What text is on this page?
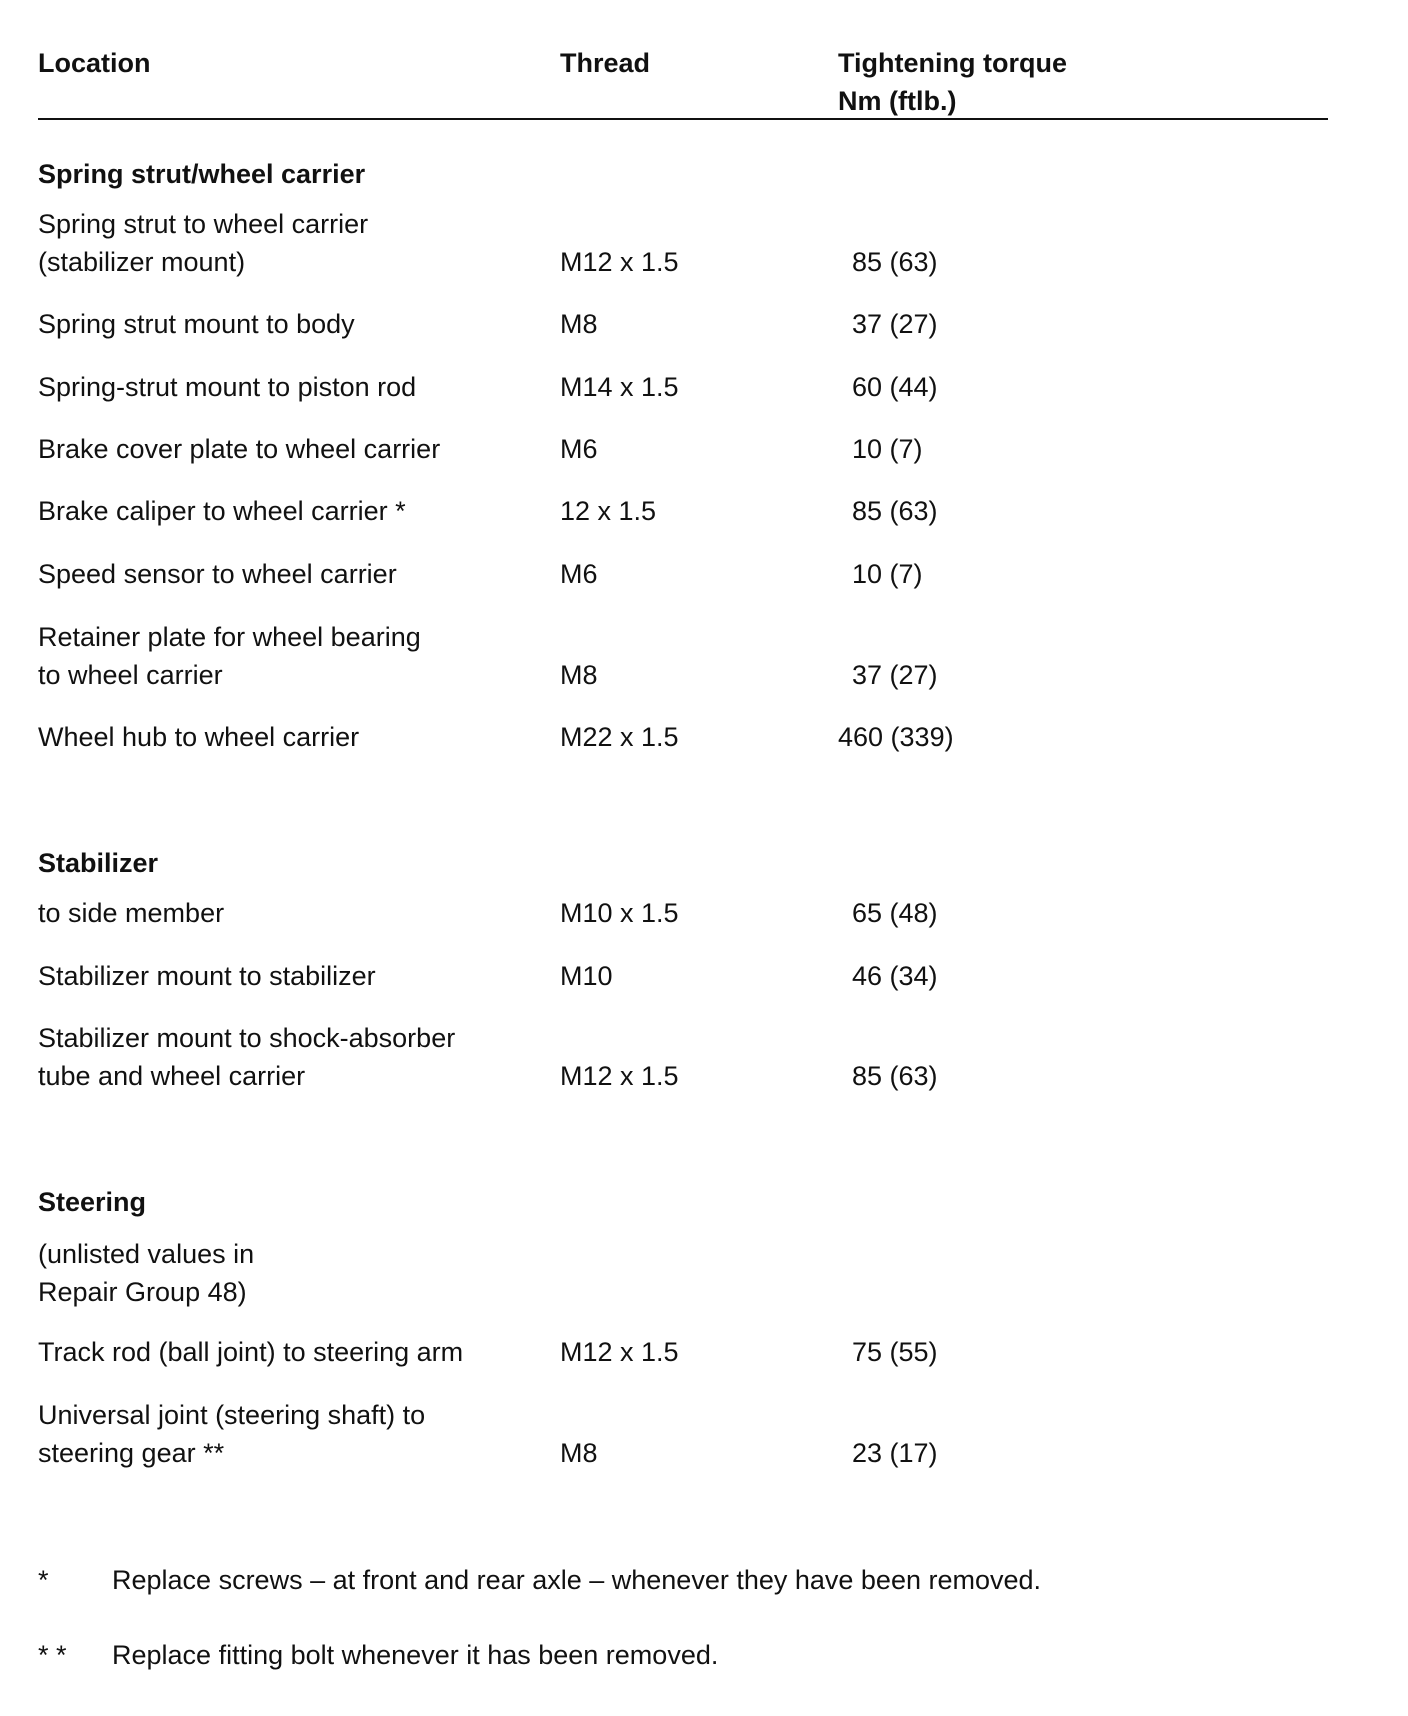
Location	Thread	Tightening torque
Nm (ftlb.)
Spring strut/wheel carrier
Spring strut to wheel carrier
(stabilizer mount)	M12 x 1.5	85 (63)
Spring strut mount to body	M8	37 (27)
Spring-strut mount to piston rod	M14 x 1.5	60 (44)
Brake cover plate to wheel carrier	M6	10 (7)
Brake caliper to wheel carrier *	12 x 1.5	85 (63)
Speed sensor to wheel carrier	M6	10 (7)
Retainer plate for wheel bearing
to wheel carrier	M8	37 (27)
Wheel hub to wheel carrier	M22 x 1.5	460 (339)
Stabilizer
to side member	M10 x 1.5	65 (48)
Stabilizer mount to stabilizer	M10	46 (34)
Stabilizer mount to shock-absorber
tube and wheel carrier	M12 x 1.5	85 (63)
Steering
(unlisted values in
Repair Group 48)
Track rod (ball joint) to steering arm	M12 x 1.5	75 (55)
Universal joint (steering shaft) to
steering gear **	M8	23 (17)
* Replace screws – at front and rear axle – whenever they have been removed.
* * Replace fitting bolt whenever it has been removed.
